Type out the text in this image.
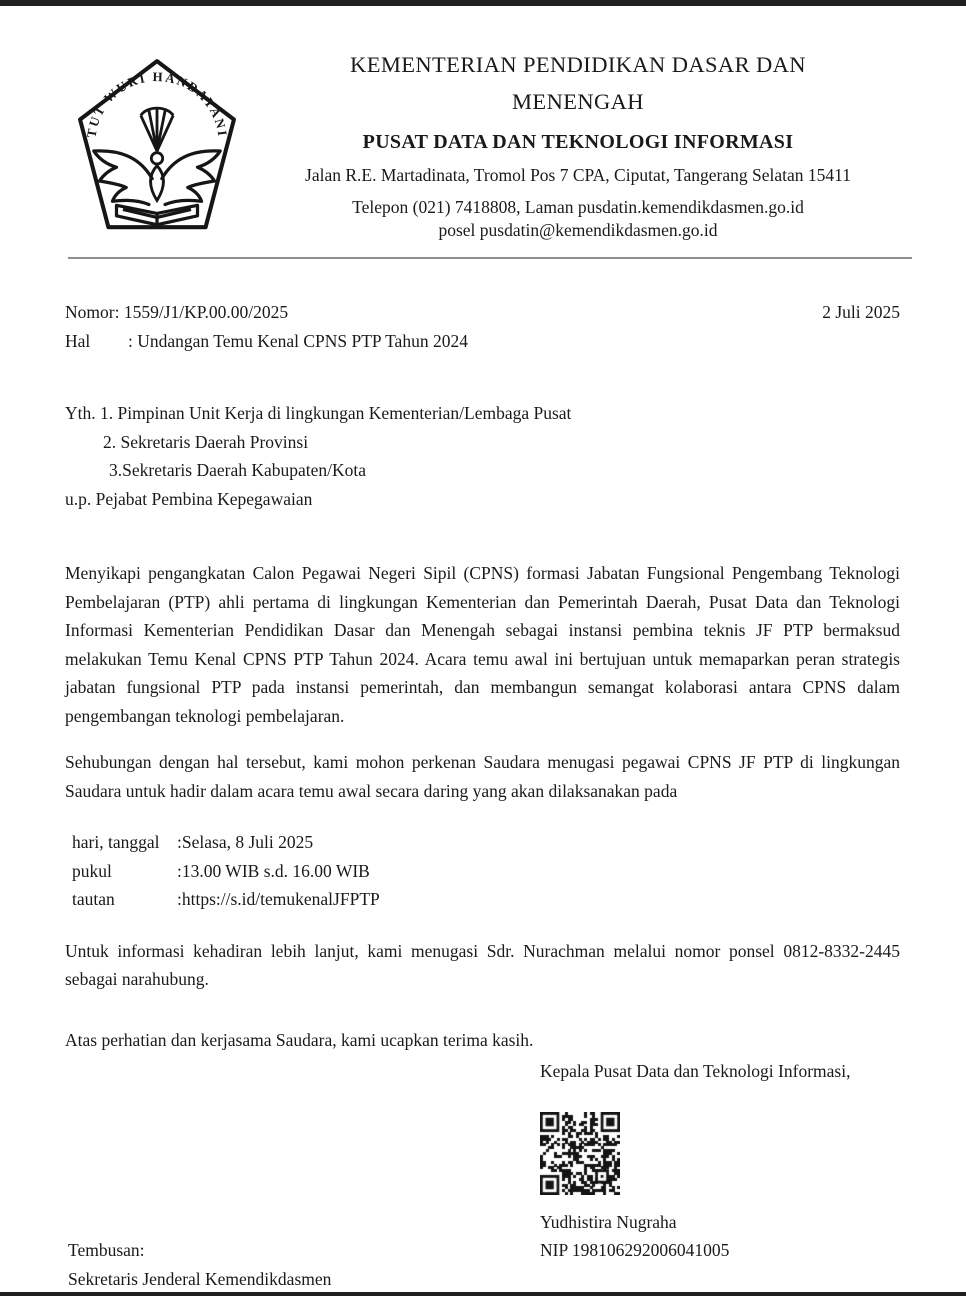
TUT WURI HANDAYANI
KEMENTERIAN PENDIDIKAN DASAR DAN
MENENGAH
PUSAT DATA DAN TEKNOLOGI INFORMASI
Jalan R.E. Martadinata, Tromol Pos 7 CPA, Ciputat, Tangerang Selatan 15411
Telepon (021) 7418808, Laman pusdatin.kemendikdasmen.go.id
posel pusdatin@kemendikdasmen.go.id
Nomor: 1559/J1/KP.00.00/2025	2 Juli 2025
Hal : Undangan Temu Kenal CPNS PTP Tahun 2024
Yth. 1. Pimpinan Unit Kerja di lingkungan Kementerian/Lembaga Pusat
2. Sekretaris Daerah Provinsi
3.Sekretaris Daerah Kabupaten/Kota
u.p. Pejabat Pembina Kepegawaian
Menyikapi pengangkatan Calon Pegawai Negeri Sipil (CPNS) formasi Jabatan Fungsional Pengembang Teknologi Pembelajaran (PTP) ahli pertama di lingkungan Kementerian dan Pemerintah Daerah, Pusat Data dan Teknologi Informasi Kementerian Pendidikan Dasar dan Menengah sebagai instansi pembina teknis JF PTP bermaksud melakukan Temu Kenal CPNS PTP Tahun 2024. Acara temu awal ini bertujuan untuk memaparkan peran strategis jabatan fungsional PTP pada instansi pemerintah, dan membangun semangat kolaborasi antara CPNS dalam pengembangan teknologi pembelajaran.
Sehubungan dengan hal tersebut, kami mohon perkenan Saudara menugasi pegawai CPNS JF PTP di lingkungan Saudara untuk hadir dalam acara temu awal secara daring yang akan dilaksanakan pada
hari, tanggal	: Selasa, 8 Juli 2025
pukul	: 13.00 WIB s.d. 16.00 WIB
tautan	: https://s.id/temukenalJFPTP
Untuk informasi kehadiran lebih lanjut, kami menugasi Sdr. Nurachman melalui nomor ponsel 0812-8332-2445 sebagai narahubung.
Atas perhatian dan kerjasama Saudara, kami ucapkan terima kasih.
Kepala Pusat Data dan Teknologi Informasi,
Yudhistira Nugraha
NIP 198106292006041005
Tembusan:
Sekretaris Jenderal Kemendikdasmen
